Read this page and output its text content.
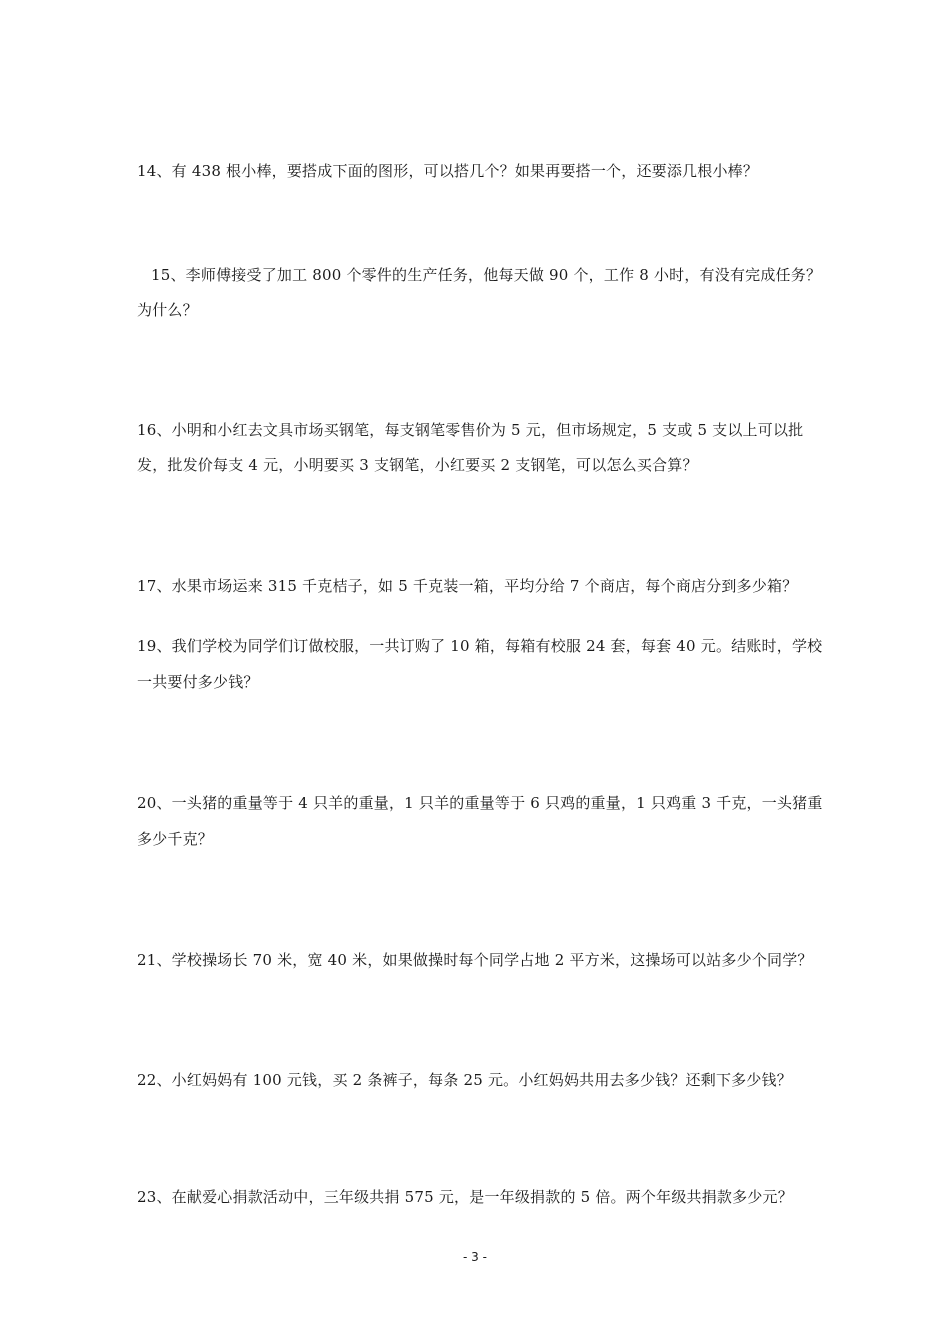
14、有 438 根小棒，要搭成下面的图形，可以搭几个？如果再要搭一个，还要添几根小棒？
15、李师傅接受了加工 800 个零件的生产任务，他每天做 90 个，工作 8 小时，有没有完成任务？
为什么？
16、小明和小红去文具市场买钢笔，每支钢笔零售价为 5 元，但市场规定，5 支或 5 支以上可以批
发，批发价每支 4 元，小明要买 3 支钢笔，小红要买 2 支钢笔，可以怎么买合算？
17、水果市场运来 315 千克桔子，如 5 千克装一箱，平均分给 7 个商店，每个商店分到多少箱？
19、我们学校为同学们订做校服，一共订购了 10 箱，每箱有校服 24 套，每套 40 元。结账时，学校
一共要付多少钱？
20、一头猪的重量等于 4 只羊的重量，1 只羊的重量等于 6 只鸡的重量，1 只鸡重 3 千克，一头猪重
多少千克？
21、学校操场长 70 米，宽 40 米，如果做操时每个同学占地 2 平方米，这操场可以站多少个同学？
22、小红妈妈有 100 元钱，买 2 条裤子，每条 25 元。小红妈妈共用去多少钱？还剩下多少钱？
23、在献爱心捐款活动中，三年级共捐 575 元，是一年级捐款的 5 倍。两个年级共捐款多少元？
- 3 -
